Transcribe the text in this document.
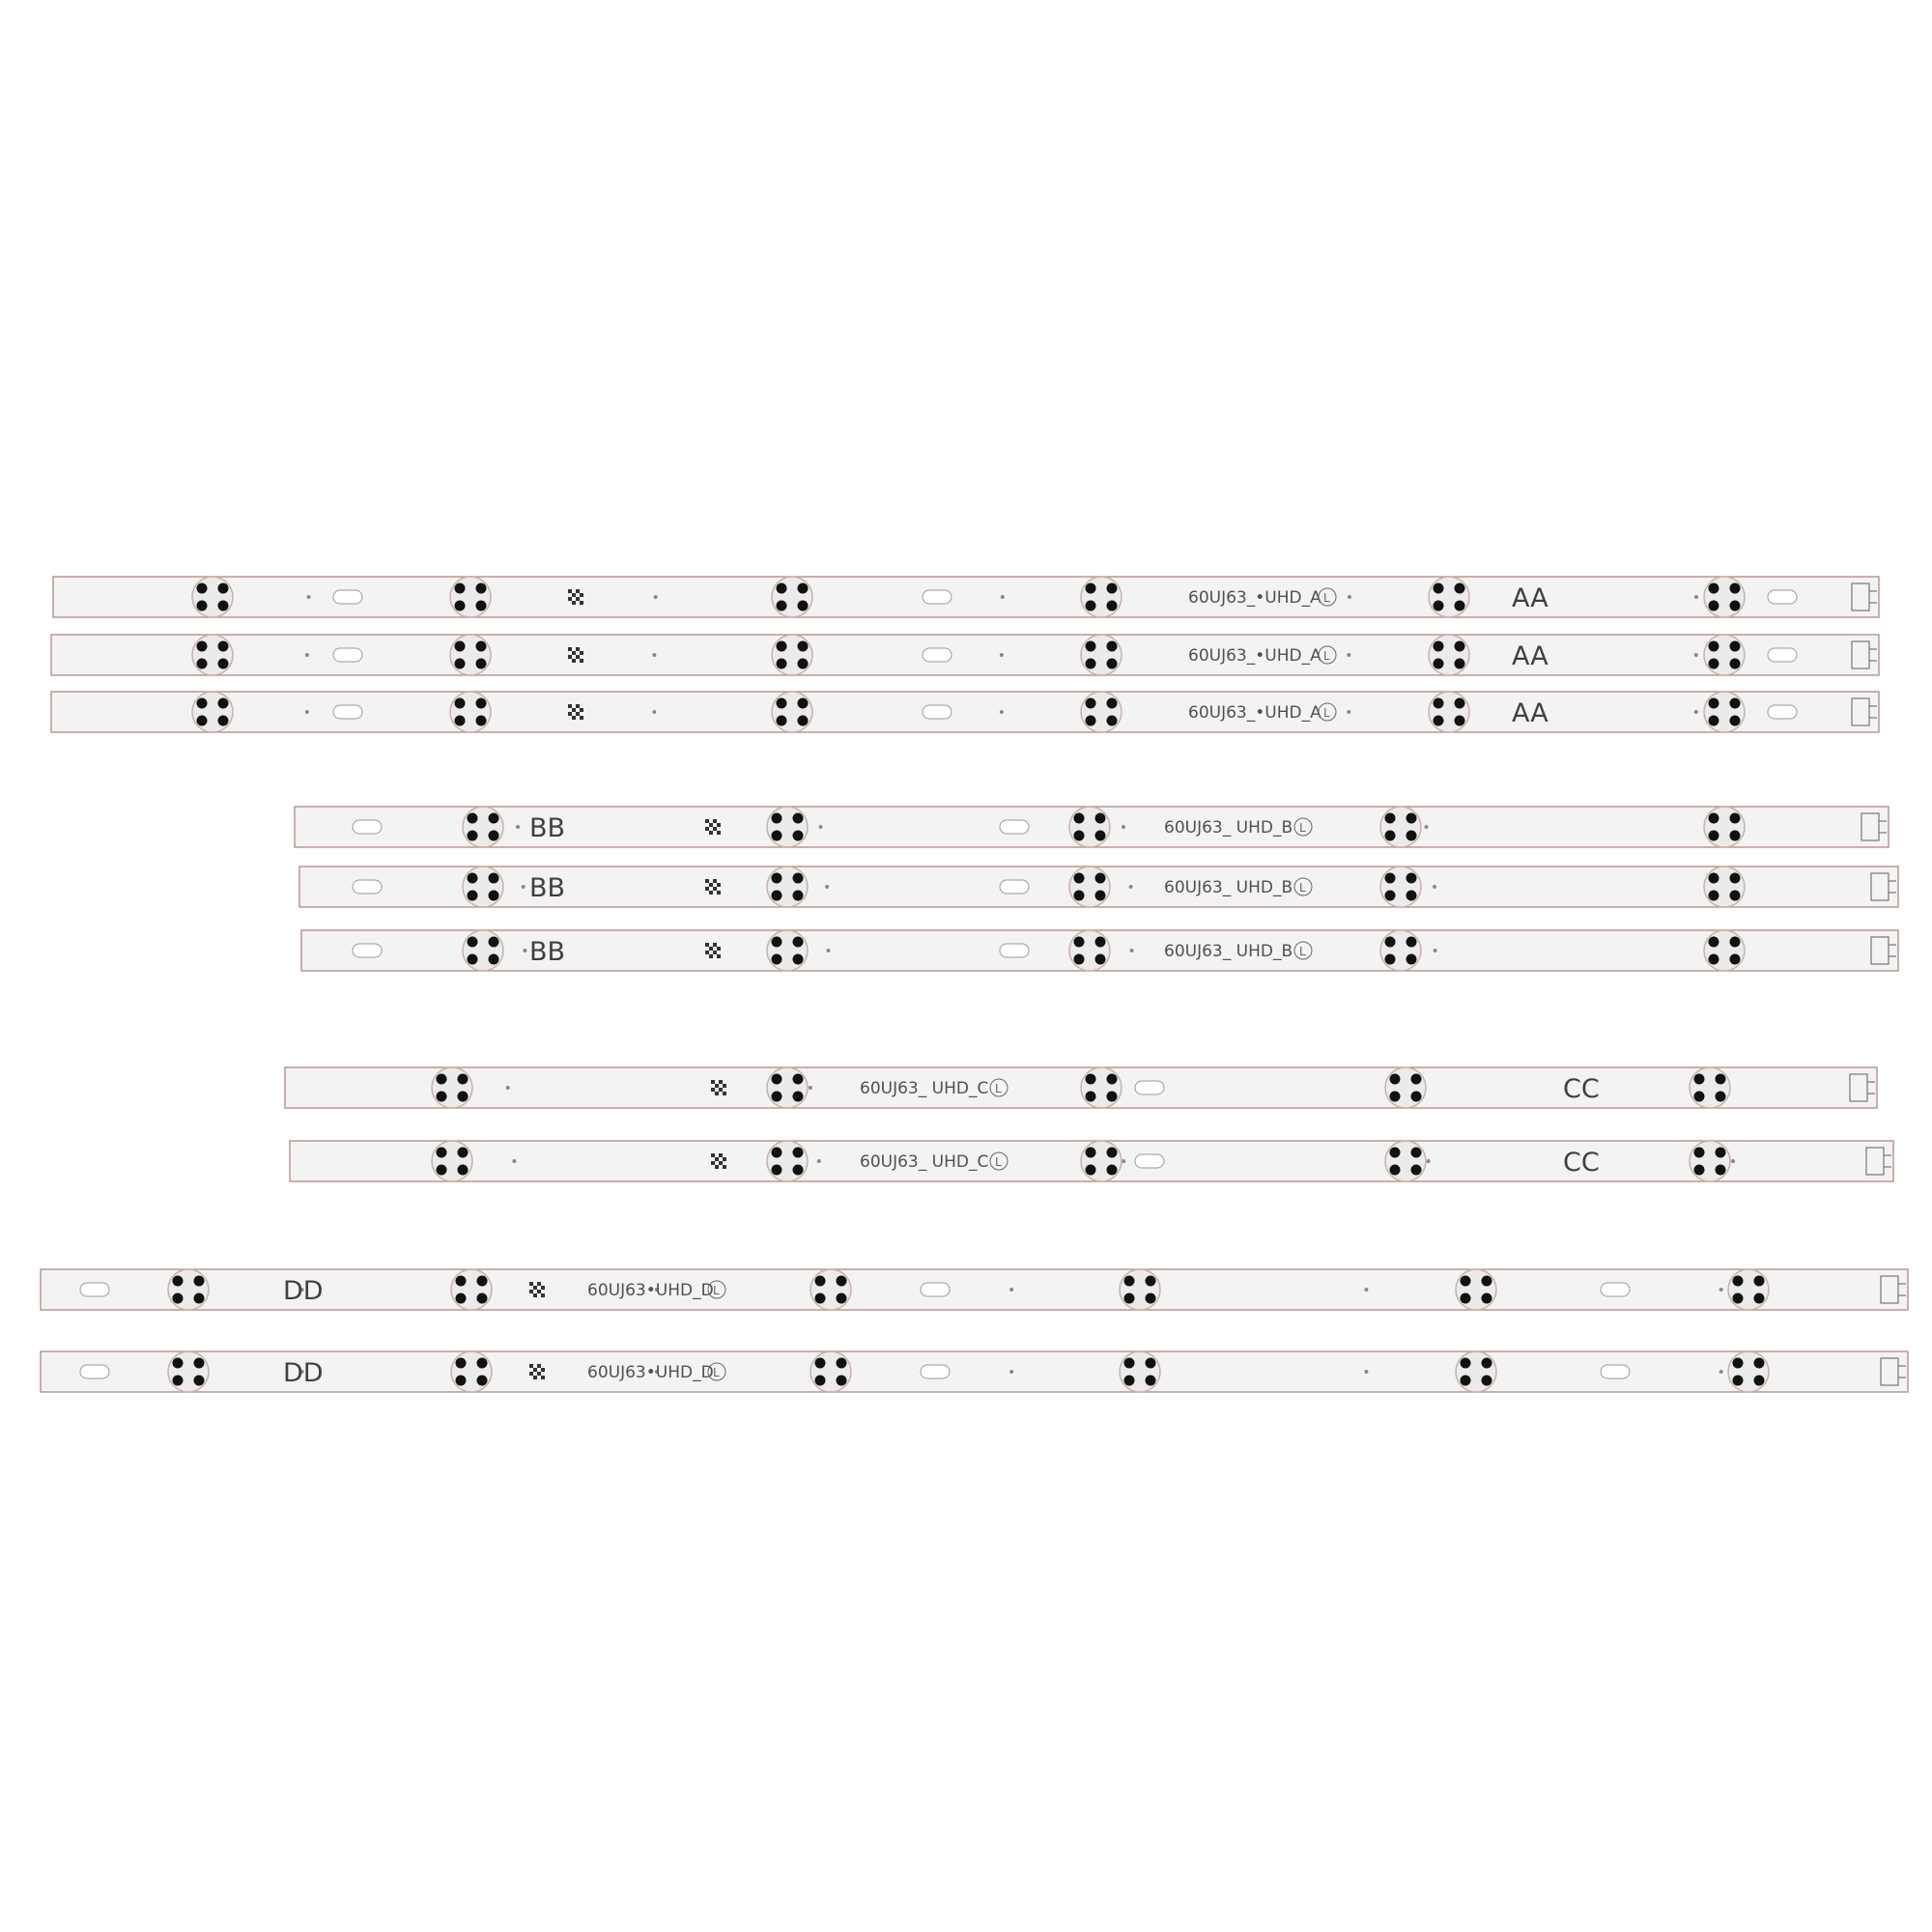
60UJ63_•UHD_A L	AA
60UJ63_•UHD_A L	AA
60UJ63_•UHD_A L	AA
60UJ63_ UHD_B L
BB
60UJ63_ UHD_B L
BB
60UJ63_ UHD_B L
BB
60UJ63_ UHD_C L	CC
60UJ63_ UHD_C L	CC
60UJ63•UHD_D L
DD
60UJ63•UHD_D L
DD
